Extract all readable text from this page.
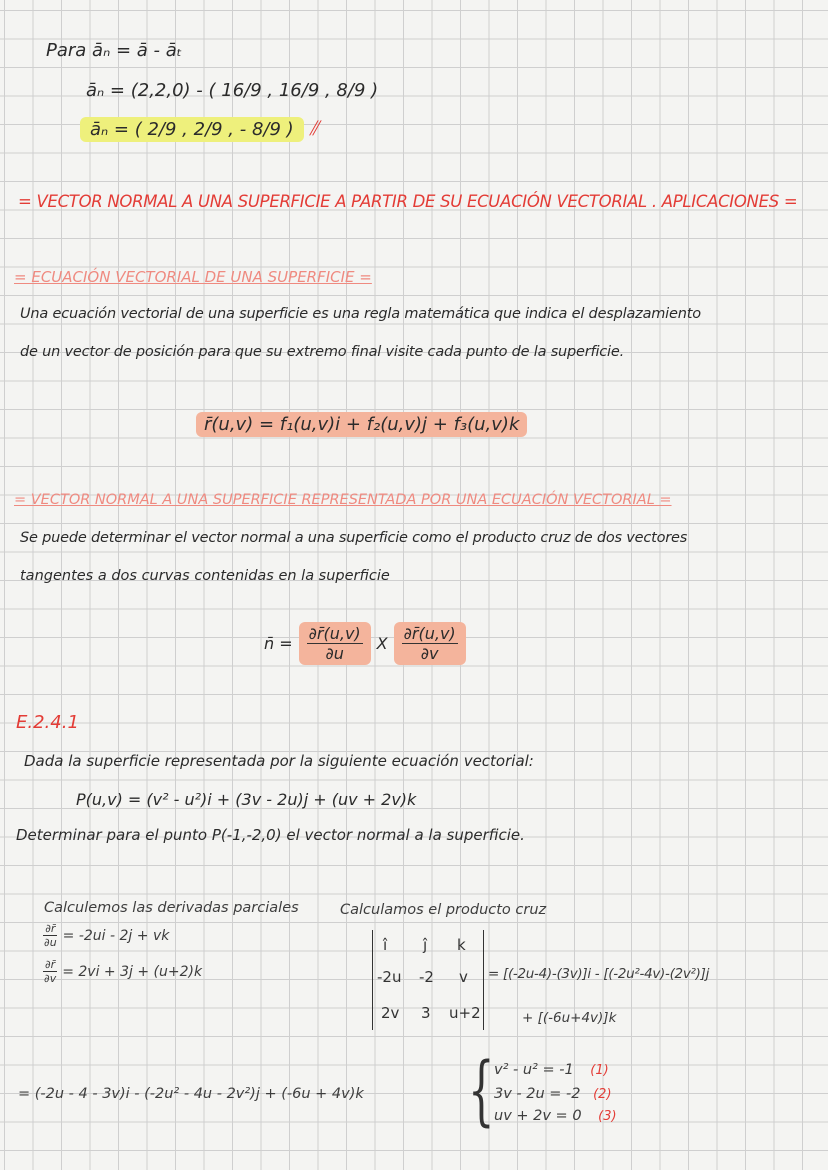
Para āₙ = ā - āₜ
āₙ = (2,2,0) - ( 16/9 , 16/9 , 8/9 )
āₙ = ( 2/9 , 2/9 , - 8/9 ) ⫽
= VECTOR NORMAL A UNA SUPERFICIE A PARTIR DE SU ECUACIÓN VECTORIAL . APLICACIONES =
= ECUACIÓN VECTORIAL DE UNA SUPERFICIE =
Una ecuación vectorial de una superficie es una regla matemática que indica el desplazamiento
de un vector de posición para que su extremo final visite cada punto de la superficie.
r̄(u,v) = f₁(u,v)i + f₂(u,v)j + f₃(u,v)k
= VECTOR NORMAL A UNA SUPERFICIE REPRESENTADA POR UNA ECUACIÓN VECTORIAL =
Se puede determinar el vector normal a una superficie como el producto cruz de dos vectores
tangentes a dos curvas contenidas en la superficie
n̄ = $\frac{\partial r̄(u,v)}{\partial u}$ X $\frac{\partial r̄(u,v)}{\partial v}$
E.2.4.1
Dada la superficie representada por la siguiente ecuación vectorial:
P(u,v) = (v² - u²)i + (3v - 2u)j + (uv + 2v)k
Determinar para el punto P(-1,-2,0) el vector normal a la superficie.
Calculemos las derivadas parciales
$\frac{\partial r̄}{\partial u} = -2ui - 2j$ + vk
$\frac{\partial r̄}{\partial v} = 2vi + 3j + (u+2)k$
Calculamos el producto cruz
î ĵ k
-2u -2 v
2v 3 u+2
= [(-2u-4)-(3v)]i - [(-2u²-4v)-(2v²)]j
+ [(-6u+4v)]k
= (-2u - 4 - 3v)i - (-2u² - 4u - 2v²)j + (-6u + 4v)k { v² - u² = -1 (1)
3v - 2u = -2 (2)
uv + 2v = 0 (3)
